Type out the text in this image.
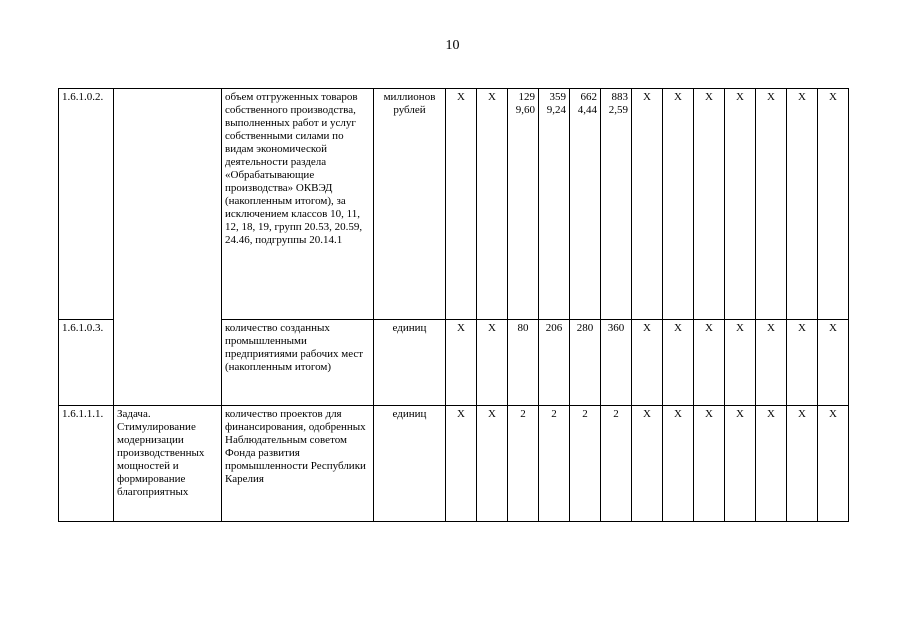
10
1.6.1.0.2.		объем отгруженных товаров собственного производства, выполненных работ и услуг собственными силами по видам экономической деятельности раздела «Обрабатывающие производства» ОКВЭД (накопленным итогом), за исключением классов 10, 11, 12, 18, 19, групп 20.53, 20.59, 24.46, подгруппы 20.14.1	миллионов рублей	Х	Х	129 9,60	359 9,24	662 4,44	883 2,59	Х	Х	Х	Х	Х	Х	Х
1.6.1.0.3.		количество созданных промышленными предприятиями рабочих мест (накопленным итогом)	единиц	Х	Х	80	206	280	360	Х	Х	Х	Х	Х	Х	Х
1.6.1.1.1.	Задача. Стимулирование модернизации производственных мощностей и формирование благоприятных	количество проектов для финансирования, одобренных Наблюдательным советом Фонда развития промышленности Республики Карелия	единиц	Х	Х	2	2	2	2	Х	Х	Х	Х	Х	Х	Х
